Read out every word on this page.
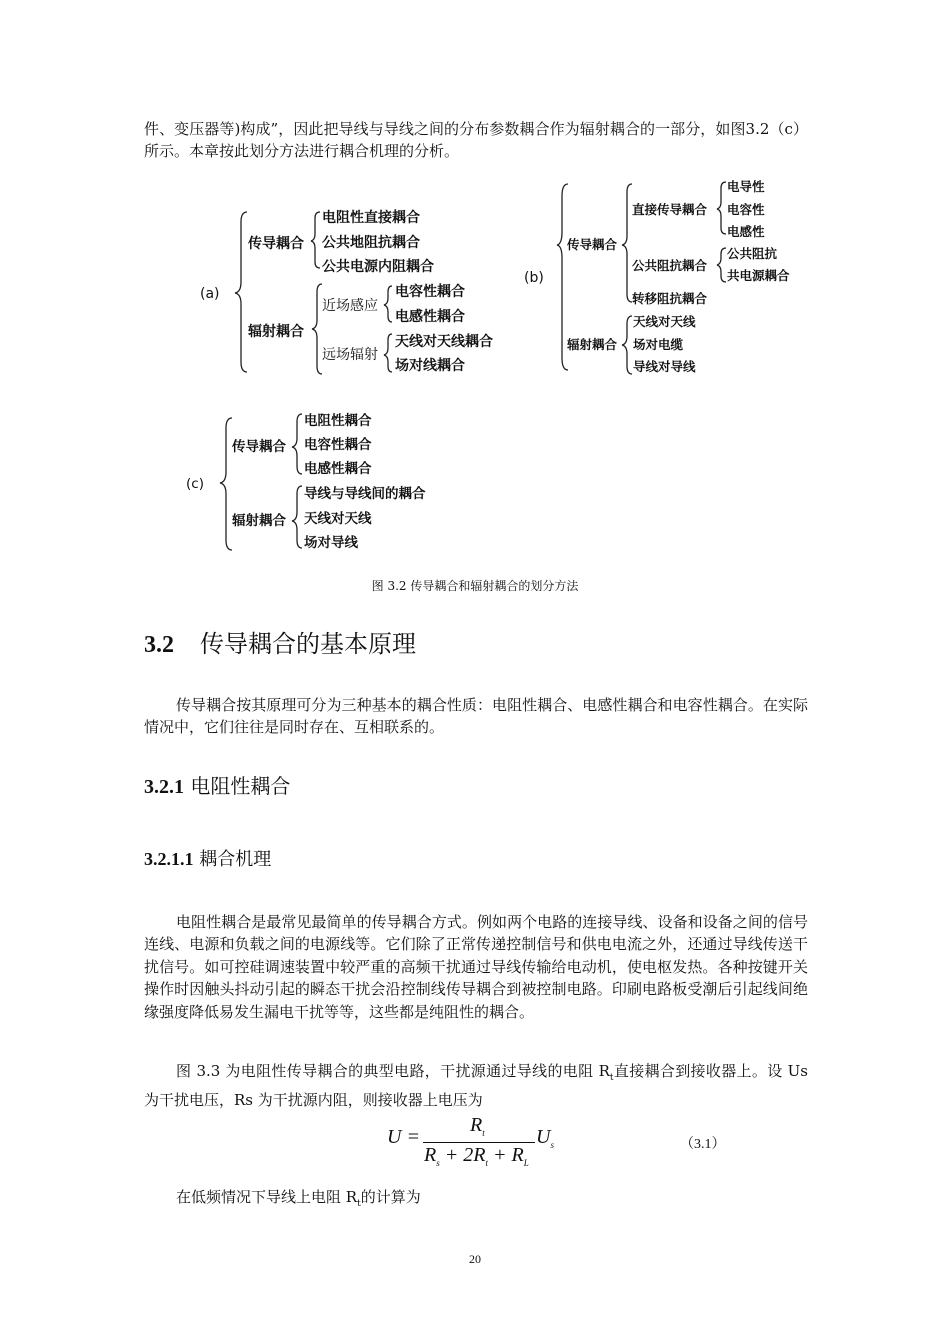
件、变压器等)构成”，因此把导线与导线之间的分布参数耦合作为辐射耦合的一部分，如图3.2（c）所示。本章按此划分方法进行耦合机理的分析。
(a)
传导耦合
电阻性直接耦合
公共地阻抗耦合
公共电源内阻耦合
辐射耦合
近场感应
电容性耦合
电感性耦合
远场辐射
天线对天线耦合
场对线耦合
(b)
传导耦合
直接传导耦合
电导性
电容性
电感性
公共阻抗耦合
公共阻抗
共电源耦合
转移阻抗耦合
辐射耦合
天线对天线
场对电缆
导线对导线
(c)
传导耦合
电阻性耦合
电容性耦合
电感性耦合
辐射耦合
导线与导线间的耦合
天线对天线
场对导线
图 3.2 传导耦合和辐射耦合的划分方法
3.2 传导耦合的基本原理
传导耦合按其原理可分为三种基本的耦合性质：电阻性耦合、电感性耦合和电容性耦合。在实际情况中，它们往往是同时存在、互相联系的。
3.2.1 电阻性耦合
3.2.1.1 耦合机理
电阻性耦合是最常见最简单的传导耦合方式。例如两个电路的连接导线、设备和设备之间的信号连线、电源和负载之间的电源线等。它们除了正常传递控制信号和供电电流之外，还通过导线传送干扰信号。如可控硅调速装置中较严重的高频干扰通过导线传输给电动机，使电枢发热。各种按键开关操作时因触头抖动引起的瞬态干扰会沿控制线传导耦合到被控制电路。印刷电路板受潮后引起线间绝缘强度降低易发生漏电干扰等等，这些都是纯阻性的耦合。
图 3.3 为电阻性传导耦合的典型电路，干扰源通过导线的电阻 $R_t$直接耦合到接收器上。设 Us 为干扰电压，Rs 为干扰源内阻，则接收器上电压为
U =
$R_t$
$R_s + 2R_t + R_L$
$U_s$	（3.1）
在低频情况下导线上电阻 $R_t$的计算为
20
